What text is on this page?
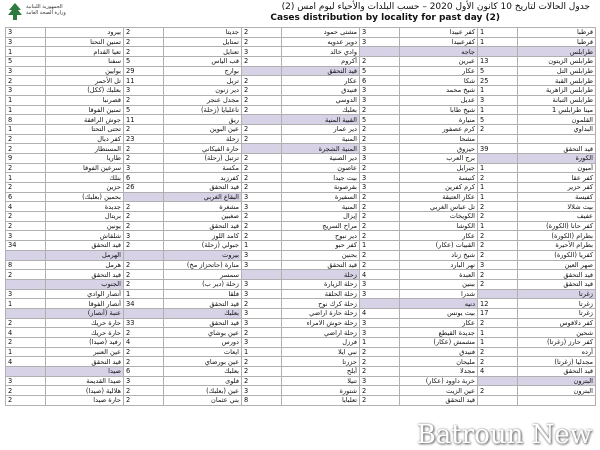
الجمهورية اللبنانية
وزارة الصحة العامة
جدول الحالات لتاريخ 10 كانون الأول 2020 – حسب البلدات والأحياء ليوم امس (2)
Cases distribution by locality for past day (2)
3	بيرود	2	جديتا	2	مشتى حمود	3	كفر عبيدا	1	قرطبا
3	تمنين التحتا	2	تمتايل	2	دوير عدويه	3	كفرعبيدا	1	قرطبا
1	تعيا القدام	2	تعنايل	3	وادي خالد		جاجه		طرابلس
5	سفنا	5	قب الياس	2	أكروم	2	عبرين	13	طرابلس الزيتون
3	بوايين	29	بوارج		قيد التحقق	5	عكار	5	طرابلس التل
2	تل الأحمر	11	تربل	2	عكار	6	شكا	25	طرابلس القبة
3	بعلبك (ككل)	3	دير زنون	2	فنيدق	3	شيخ محمد	1	طرابلس الزاهرية
1	قصرنبا	2	مجدل عنجر	2	الدوسي	3	عديل	3	طرابلس التبانة
1	تمنين الفوقا	5	تاعلبايا (زحلة)	2	بعلبك	2	شيخ طابا	1	مينا طرابلس 1
8	جوش الرافقة	11	ريق		القبية المنية	5	منيارة	5	القلمون
1	تحتى التحتا	2	عين البوين	2	دير عمار	2	كرم عصفور	2	البداوي
2	كفر دبال	23	زحلة	2	المنية	2	مشحا		
2	المستطار	2	حارة الفيكاني		المنية الشجرة	3	حيزوق	39	قيد التحقق
9	طاريا	2	ترتبل (زحلة)	2	دير الصنية	3	برج العرب		الكورة
2	سرعين الفوقا	3	مكسة	2	عاصون	2	جيرايل	1	أميون
1	بنلك	6	كفرزبد	2	بيت جيدا	3	كنيسة	2	كفر عقا
2	حزين	26	قيد التحقق	2	بقرصونة	3	كرم كفرين	1	كفر حزير
6	بحمين (بعلبك)		البقاع الغربي	3	السفيرة	2	عكار العتيقة	1	كفيسة
4	جديدة	2	مشغرة	3	المنية	2	تل عباس الغربي	2	بيت شلالا
2	بريتال	2	صغبين	2	إيزال	2	الكويخات	2	عفيف
2	يونين	2	قيد التحقق	2	مراح السريج	2	الكوشا	1	كفر حانا (الكورة)
3	شلقاش	3	كامد اللوز	2	دير نبوح	2	عكار	2	بطرام (الكورة)
34	قيد التحقق	2	جبولي (زحلة)	1	كفر حبو	1	القبيات (عكار)	2	بطرام الأحيرة
	الهرمل		بيروت	3	بحنين	2	شيخ زناد	2	كفريا (الكورة)
8	هرمل	2	منارة (حاتحزاز مخ)	3	قيد التحقق	2	نهر البارد	3	صهر العين
2	قيد التحقق	2	سمسر		زحلة	4	العبدة	2	قيد التحقق
	الجنوب	2	زحلة (دير ب)	3	زحلة الزيارة	3	ببنين	2	قيد التحقق
3	أنصار الوادي	1	فلقا	3	زحلة الحلقة	3	شدرا		زغرتا
1	أنصار الفوقا	34	قيد التحقق	2	زحلة كرك نوح		دنيه	12	زغرتا
	عنبة (أنصار)		بعلبك	3	زحلة حارة اراضي	4	بيت يونس	17	زغرتا
2	حارة حريك	33	قيد التحقق	3	زحلة حوش الامراء	3	عكار	2	كفر دلاقوس
4	حارة حريك	2	عين بوشاي	2	زحلة اراضي	3	جديدة القيطع	1	شحين
2	رفيد (صيدا)	4	دورس	3	فرزل	1	مشمش (عكار)	1	كفر حارز (زغرتا)
1	عين العنبر	2	ايعات	1	نبي ايلا	2	فنيدق	2	أرده
4	قيد التحقق	2	عين بورضاي	2	حزرتا	2	مليحان	2	مجدليا (زغرتا)
	صيدا	6	بعلبك	2	أبلح	2	مجدلا	4	قيد التحقق
3	صيدا القديمة	3	فلوى	2	تنيلا	3	خربة داوود (عكار)		البترون
2	هلالية (صيدا)	2	عين (بعلبك)	3	شتورة	2	عين الزيت	2	البترون
2	حارة صيدا	2	بني عثمان	8	تعلبايا	2	قيد التحقق		
Batroun New
